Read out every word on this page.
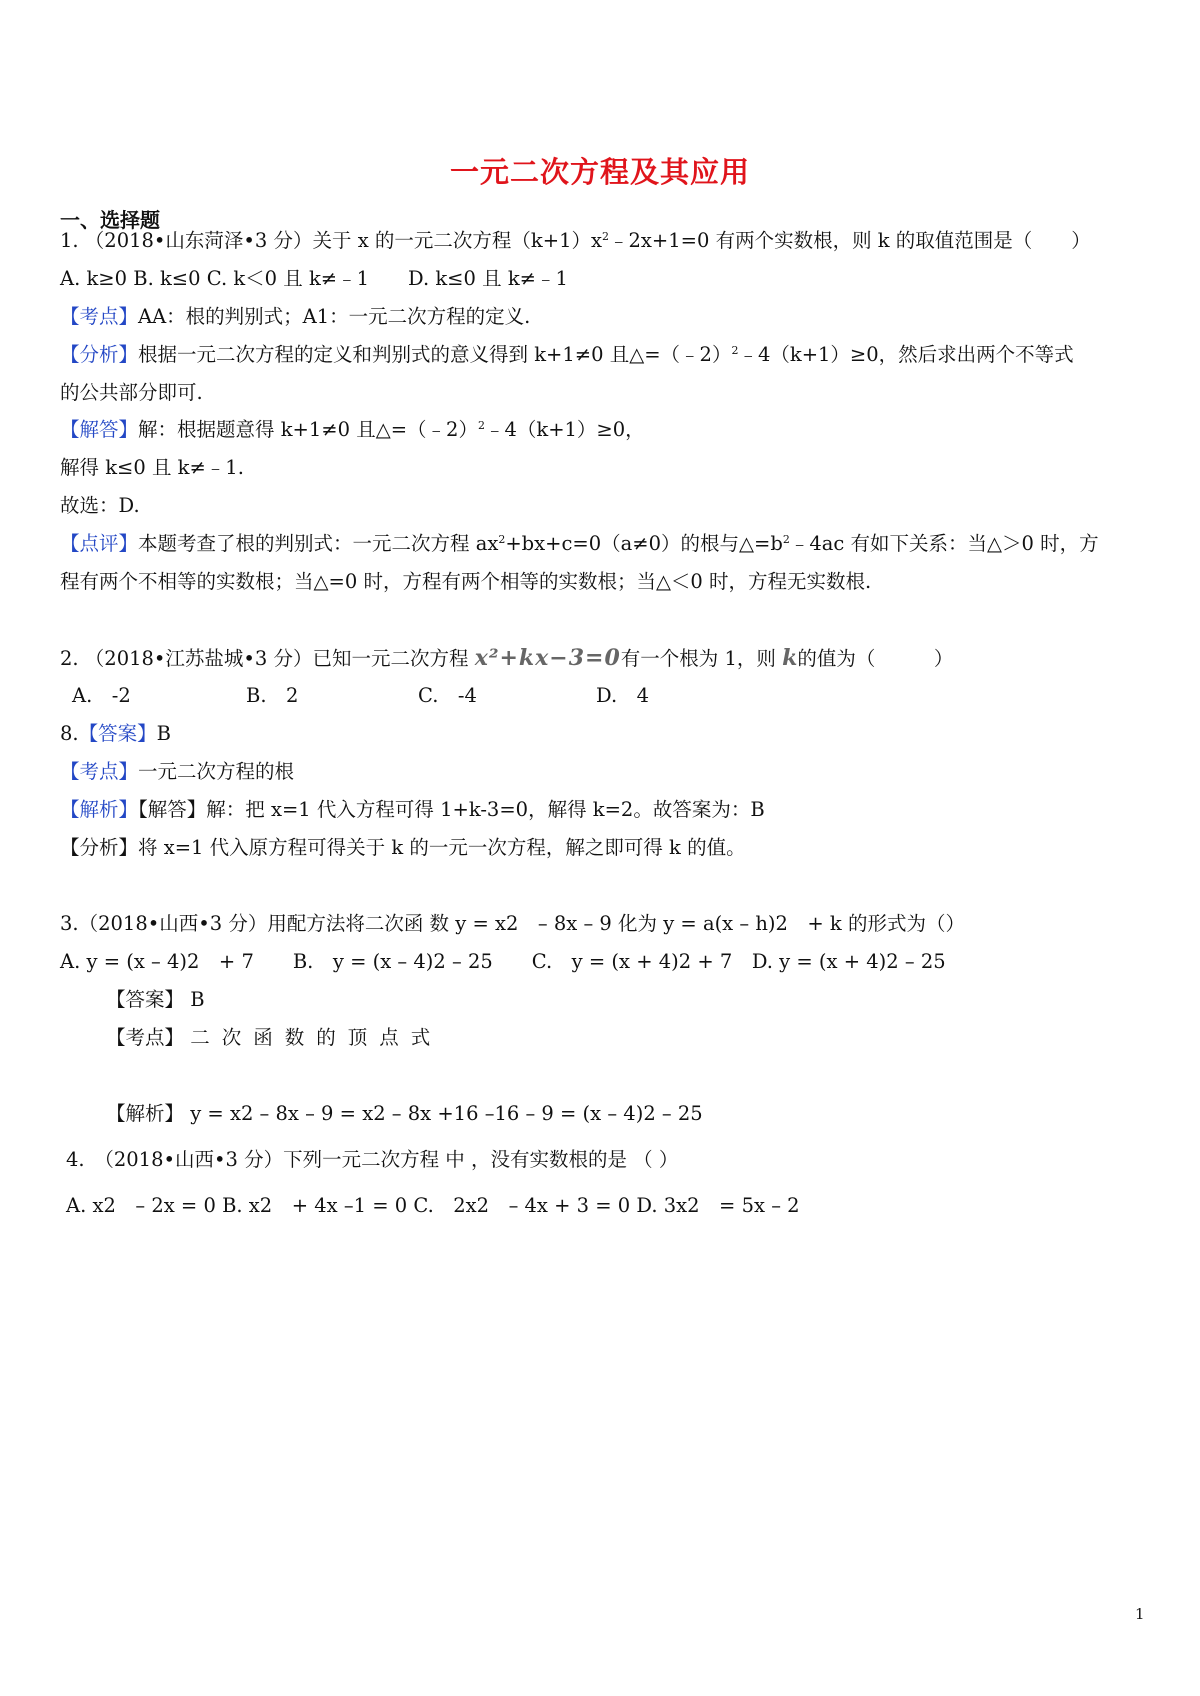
一元二次方程及其应用
一、选择题
1. （2018•山东菏泽•3 分）关于 x 的一元二次方程$(k+1)x^2﹣2x+1=0$ 有两个实数根，则 k 的取值范围是（　　）
A. k≥0 B. k≤0 C. k＜0 且 k≠﹣1　　D. k≤0 且 k≠﹣1
【考点】AA：根的判别式；A1：一元二次方程的定义.
【分析】根据一元二次方程的定义和判别式的意义得到 k+1≠0 且△=（﹣2）$^2$﹣4（k+1）≥0，然后求出两个不等式
的公共部分即可.
【解答】解：根据题意得 k+1≠0 且△=（﹣2）$^2$﹣4（k+1）≥0，
解得 k≤0 且 k≠﹣1.
故选：D.
【点评】本题考查了根的判别式：一元二次方程 $ax^2+bx+c=0(a\ne 0)$的根与$\triangle=b^2﹣4ac$ 有如下关系：当△＞0 时，方
程有两个不相等的实数根；当△=0 时，方程有两个相等的实数根；当△＜0 时，方程无实数根.
2. （2018•江苏盐城•3 分）已知一元二次方程 x²+kx−3=0有一个根为 1，则 k的值为（　　　）
A.　-2	B.　2	C.　-4	D.　4
8.【答案】B
【考点】一元二次方程的根
【解析】【解答】解：把 x=1 代入方程可得 1+k-3=0，解得 k=2。故答案为：B
【分析】将 x=1 代入原方程可得关于 k 的一元一次方程，解之即可得 k 的值。
3.（2018•山西•3 分）用配方法将二次函 数 y = x2　– 8x – 9 化为 y = a(x – h)2　+ k 的形式为（）
A. y = (x – 4)2　+ 7　　B.　y = (x – 4)2 – 25　　C.　y = (x + 4)2 + 7　D. y = (x + 4)2 – 25
【答案】 B
【考点】 二次函数的顶点式
【解析】 y = x2 – 8x – 9 = x2 – 8x +16 –16 – 9 = (x – 4)2 – 25
4.　（2018•山西•3 分）下列一元二次方程 中 ，没有实数根的是 （ ）
A. x2　– 2x = 0 B. x2　+ 4x –1 = 0 C.　2x2　– 4x + 3 = 0 D. 3x2　= 5x – 2
1
